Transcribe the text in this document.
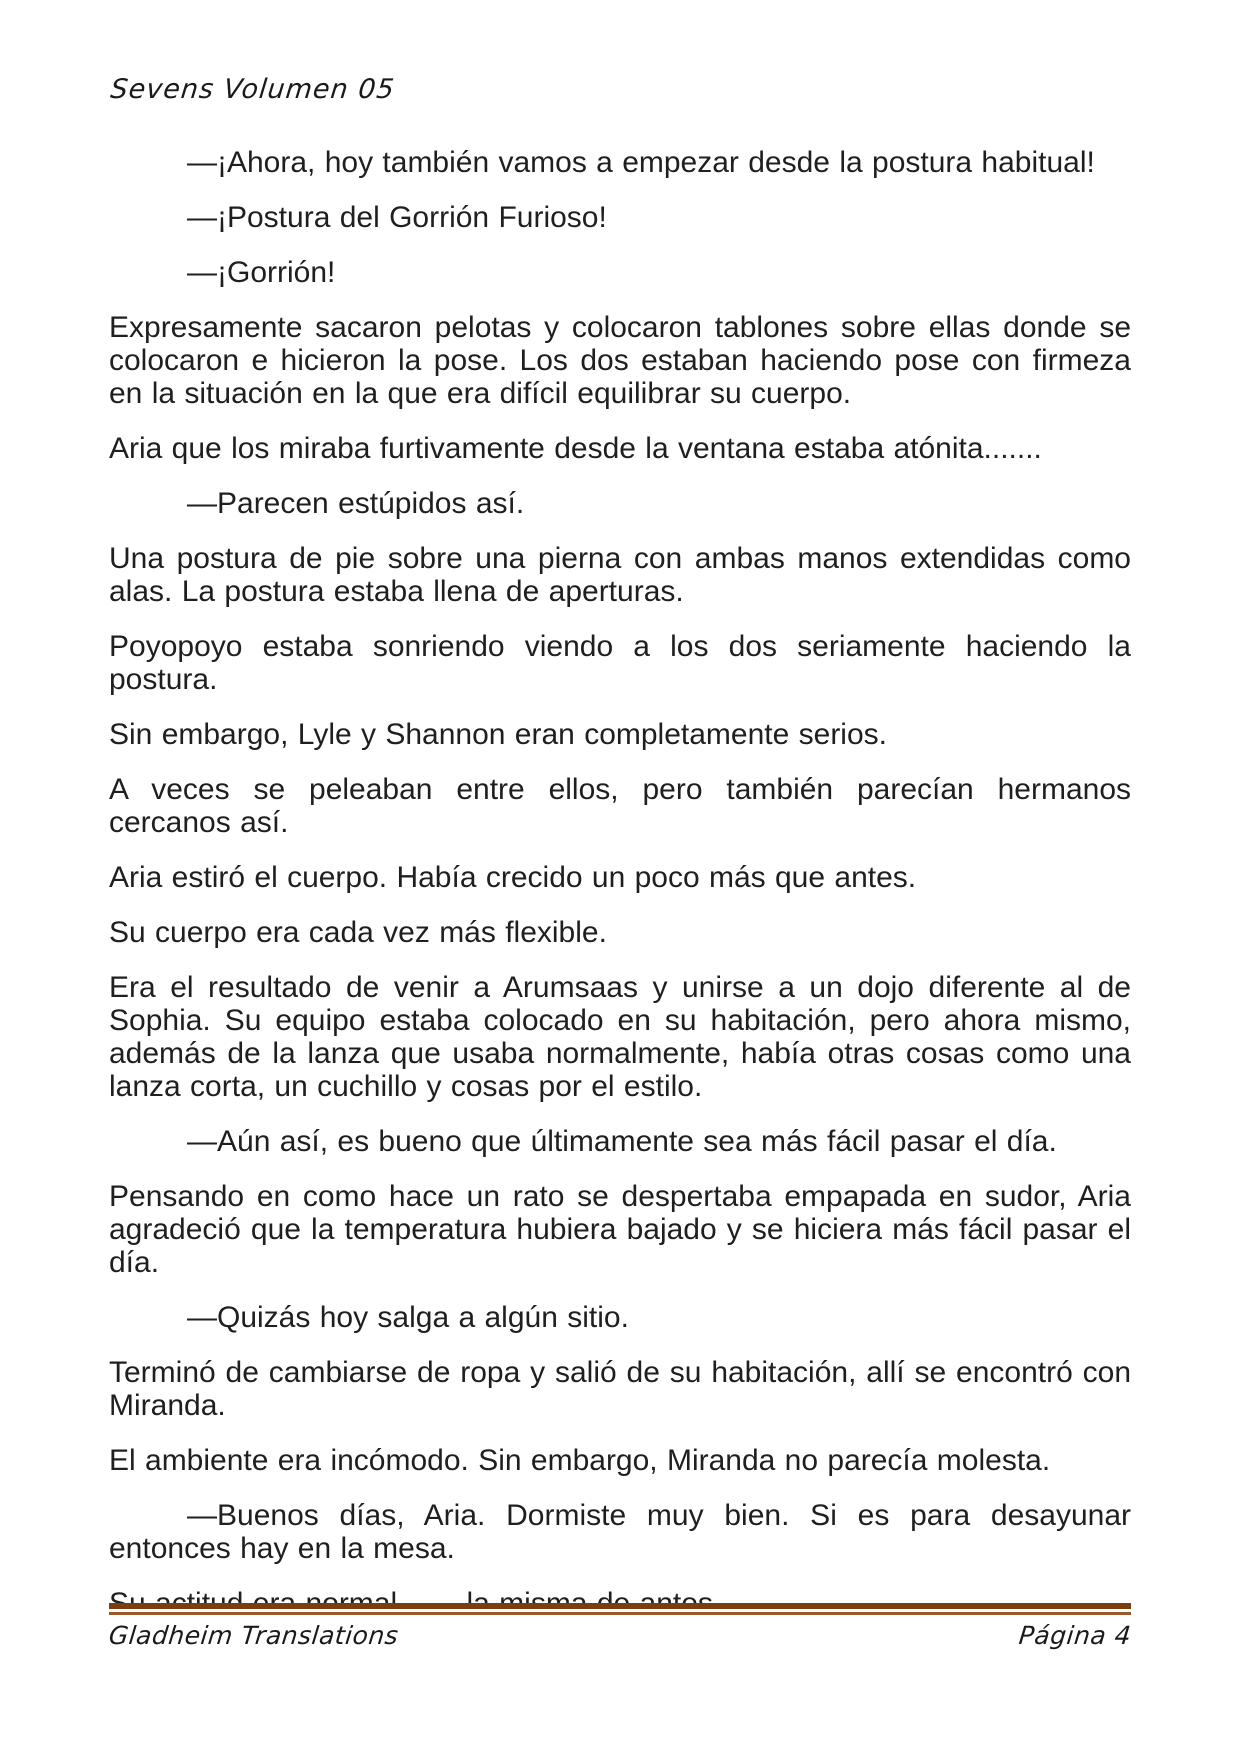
Sevens Volumen 05

—¡Ahora, hoy también vamos a empezar desde la postura habitual!

—¡Postura del Gorrión Furioso!

—¡Gorrión!

Expresamente sacaron pelotas y colocaron tablones sobre ellas donde se colocaron e hicieron la pose. Los dos estaban haciendo pose con firmeza en la situación en la que era difícil equilibrar su cuerpo.

Aria que los miraba furtivamente desde la ventana estaba atónita.......

—Parecen estúpidos así.

Una postura de pie sobre una pierna con ambas manos extendidas como alas. La postura estaba llena de aperturas.

Poyopoyo estaba sonriendo viendo a los dos seriamente haciendo la postura.

Sin embargo, Lyle y Shannon eran completamente serios.

A veces se peleaban entre ellos, pero también parecían hermanos cercanos así.

Aria estiró el cuerpo. Había crecido un poco más que antes.

Su cuerpo era cada vez más flexible.

Era el resultado de venir a Arumsaas y unirse a un dojo diferente al de Sophia. Su equipo estaba colocado en su habitación, pero ahora mismo, además de la lanza que usaba normalmente, había otras cosas como una lanza corta, un cuchillo y cosas por el estilo.

—Aún así, es bueno que últimamente sea más fácil pasar el día.

Pensando en como hace un rato se despertaba empapada en sudor, Aria agradeció que la temperatura hubiera bajado y se hiciera más fácil pasar el día.

—Quizás hoy salga a algún sitio.

Terminó de cambiarse de ropa y salió de su habitación, allí se encontró con Miranda.

El ambiente era incómodo. Sin embargo, Miranda no parecía molesta.

—Buenos días, Aria. Dormiste muy bien. Si es para desayunar entonces hay en la mesa.

Gladheim Translations	Página 4
